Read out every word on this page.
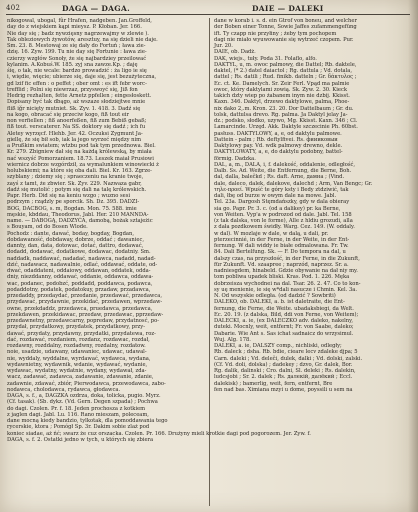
402	DAGA — DAGA.	DAIE — DALEKI
nikogowal, ubogal, fûr Hrafen, nadgeben. Jan.Groffeld,
day do z wiejskiem kąpi mieysz. P. Kłoban. Jer. 166.
Nie day się ; badz nywzięsny nagrzewajmy w zlewie ).
Tak obleziowych żywotów, aresztuy, na się dzieli nie daje.
Sm. 23. 8. Mestowaj ze się dały do Fortuń ; ława zie-
dzię. 16. Zyw. 199. Tu nie day się Fortunie : ława zie-
czierzy wzgłów Sonoły, że się najbardziey przeilować
kylanim. A.Kobuś.W. 185. zyj sna zawze.Kp. ; daję
śię, o tak, nie wcale: bardzo prowadzić : ża ligo ie się
i, więdie, więcie; ubierze się, daje się, jest bezużyteczna,
gd lzif fic effen : o peffet ; ober omt : es ift febr worc-
trefflid ; Polni się niewrzaz, przyswoyć się, Jiß fon
Hedrig rezhalten, fette Arnetz ppfellen ; eingesłoskett.
Dopisany być tak dbągo, aż wszaze słodziejtwe mnie
fliß iğr nicięty mutniet. Sk. Zyv. 1. 418. 3. Dadź się
na kogo, obracać się przeciw kogo, fiß tout eir
non verfiellen ; fiß anoerfeßen, fiß zum Bebiß gebaß;
fiß tout. verscaterer. Na SS. doktory się dadź ; ich fu
Aletey wyrzęcf. Hlehb. Jer. 42. Oczuksi Zygmunt Ja-
giellę, że się bił sob, iak la jego wyrzeć między nim
a Prußkim swiatem; wtzbu pod tak tym przednowa. Biel.
Kr. 279. Zbigniew dał się na każdą królewską, by miała
nać wszyść Pomorzaniem. 18.73. Leszek maiał Prusiowi
wiernicz dobrze wzgórdził, za wymalunkiem winowiecki ż
holubskiemi; na które się oba dali. Biel. Kr. 163. Zgrze-
szyblany ; dziemy się ; spraeczeniu na kranie twoje,
zayś z tamt, że zbwier. Sk. Zyv. 229. Nazwaza gabr,
dadź się mutolić ; potym się dali na talę królewskich.
Papr. Herb. Did się na keniu wzgo ; wuzno sesi
podrzym ; rządzly pe sporcik. Sh. Dz. 395. DADZI-
BOG, DACBOG, s. m, Bogdan. Mon. 75. 588. imie
męskie, kbddau, Theodorus. Jabl. Her. 210 MANNDA-
name. — DABOGĄ, DADZYĆA, damobą, bożak sztajeżic
s Bouyam, od do Bosen Wlode.
Pochodz : dante, dawać, boday, bogday, Bogdan,
dobdawaność, dobdaway, dobrze, oddać ; dawaniec,
dannty, dan, data, dotowac, dotać, dattro, dodawać,
dodadd, dodawać, dodatkowe, dodawac, dodatniy. Sm.
naddadk, naddawać, nadadać, nadawca, nadadd, nadad-
dzić, nadawacz, nadawalnie, odlać, oddawać, oddate, od-
dwać, odaddateni, oddaiowy, oddawan, oddatek, odda-
dniy, niezddanny, oddawać, oddanie, oddawca, oddawa-
wac, podanec, podobzć, poddadd, poddawca, podawca,
podaddotny, podatek, podatokuy, przadaw, przadawca,
przedaddy, przedaydać, przedanie, przedawać, przedawca,
przydawać, przydawnie, przekidać, przedawen, wprzedaw-
owne, przekdaddz, przedawca, pruedawca, przedawca,
przekdawen, przekidawac, przedaw, przedawac, pprzedaw-
przedawnetny, przedawcarny, popredaw, przydatnosć, po-
przydał, przydatkowy, przydatek, przydatkowy, przy-
dawać, przydaty, przydawny, przydatki, przydatewa, roz-
dać, rozdawać, rozdaniem, rozdanz, rozdawac, rozdał,
rozdawny, rozddalny, rozdadwny, rozdalny, rozdatow.
noie, usadzie, udawany, udawaniec, udawac, udawal-
nie, wyddaly, wyddalne, wyrdawać, wydawca, wydana,
wydawnietny, wydawnik, wdanie, wydawać, wydanie,
wydawac, wydatny, wydatnie, wydany, wydawał, zda-
wacz, zadawać, zadawca, zadawanie, zdawanie, zdanie,
zadawnie, zdawać, zbiór, Pierwodawca, przewodawca, zabo-
nodawca, cholodawca, rydawca, głodawca.
DAGA, s. f., a, DAGZKA ozdrza, doka, tolicka, pugio. Myrz.
(Cf. tasak). (Sb. dykz. (Vd. Gern. Degen szpada) ; Pochwa
do dagi. Czolen. Pr. f. 18. Jeden prochosza z kotkiem
z jaglen dagi. Jabl. Lu. 116. Rano mieszam, poleceam,
dane mocną kiedy bandzio, tylkotak, dla pomoddawania tego
rycerskie, ktora ; Pomógł Sp. 3r. Dakim sobie zlaż pod
koniec siadae, aż ńć; swarz że cuz orszacka. Czolen. Pr. 166. Drużyny mieli krotkie dagi pod pogorozem. Jer. Zyw. f.
DAGA, s. f. 2. Ostatki jedno w tych, u których się zbiera
dane w korab i. s. d. ein Gtrof von boneu, and welcher
der Boben einer Tonne, Sowie Jaffes zufammengefüng
ift. Ty czapp nie przyłiny ; żeby tym pochopem
dagi nie miało wyuwowanie się wytrzeć czopem. Pur.
Jur. 20.
DAIE, ob. Dadż.
DAK, wiejs., tuły. Poda 31. Folaflo, alfo.
DAKTYL, u, m. owoc palmowy, die Dattel; Rb. daktele,
daktel, (* 2.) datel daiactol ; Rg. dattula ; Vd. dotala,
dattel ; Rs. datili ; Rud. finikb. datteln ; Gr. δάκτυλος ;
Ec. ct. Ke. Damelych. Sr. Zeir Ferl. Vpąd ma palmie
owoc, który daktylami zowią. Sk. Zyw. 2. 30. Kieck
takich dzty wiep po żabanem inym nie dzbij. Kkisst.
Kaxn. 346. Daktyl, drzewo daktylowe, palma, Phoe-
nix dako 2,.m. Kron. 23. 20. Dor Dattelbaum ; Gr. du.
tolsk, dattulsa drevo. Rg. palma. Ja Daktyl jelay Ja-
dz.; podsko, słodko, uzywo, Mg. Kkisst. Kaxn. 346 ; Cl.
Lamarcinde. Urzęd. Akk. Daktyle szczecinie Ph. 60bst.
pasłuss. DAKTYLOWY, a, e, od daktylu palmowe.
Dattein - palm ; Rb. deftylfivei. Rs. фиииковыи
Daktylowy pay. Vd. wdk palmowy drewno, dekle.
DAKTYLOWATY, a, e, do daktylu podobny, battel-
förmig. Dadzka.
DAL, a, m., DALA, i, f. dalekość, oddalenie, odległość,
Dalb. Ss. Ad. Weite, die Entfernung, die Berne, Boh.
dal, dalla, balečkd ; Rs. daft. Arne, дамна ; (Vind.
dale, daleco, dalek, dalekove, dalechd ; Arm, Van Bengc; Gr.
τηλε-προεί. Wpuść te góry ksty i Bedy ztdziwić, tak
dali, łbę od burze w owym dale na mowe. Jabl.
Tel. 23a. Dargosh Stęmdańszky, gdy w dala obieray
sia go. Papr. Pr. 3. c. (od a dalikey) pr. ka Berne,
von Weiten. Vyp'a w podrozod od dale. Jabl. Tel. 158
(z tak dalska, von le forme), Alle z hldiu grozudi, alla
z dała pozdkowem świdły. Warg. Cez. 149. (W. oddaly.
w dal). W mozlaje w dale, w dalą, u dali, pr.
pterzecinnié, in der Ferne, in der Weite, in der Ent-
fernung. W dali widdy ie białe odmalowana. Fr. Tw.
84. Dali Bertelfung. Sk. — F. Do tempora na dal, u
dalszy czas, na przyszłość, in der Ferne, in die Zukunft,
für Zukunft. Vd. szaapree ; naprzód, naprzez. Sr. a.
nadniesgdem, hinabeld. Gdzie obywanie na dał niy my.
tom pobliwa upadek bliski. Kras. Pod. 1. 226. Męka
dobrzeisza wychodnei na dal. Tsar. 26. 2. 47. Co to kon-
sy uę menienie, ie się w*dali nasucze i Chmin. Kel. 3a.
N. Od wszyskie odległa. (od dadzić ? Sowbriti)
DALEKO, ob. DALEKI, a. b. ist daletraite, die Ent-
fernung, die Ferne, die Weite. ubadaksbiegi, da Welt.
Ec. 20. 19. (z dalska, Bild, ddi von Ferne, von Weitem);
DALECKI, a. ie, (ex DALECZKO adv. daleko, nakelny,
duteki. Mocnly, weit, entfernt; Fr. von Saabe, daleko;
Dabarie. Wie Ant s. Sas ichat sadnaicz do wrzysimul.
Wuj. Alg. 178.
DALEKI, a. ie, DALSZY comp., nichliski, odległy;
Rb. daleck ; dsha. Rb. bdie, cieare lecv zdaleke djpa; 5
Carn. daleki ; Vd. deleči, dulek, dalki ; Vd. dolski, zalski.
(Cf. Vd. doli, dolska) ; dadekey ; dzvo, Gr. dalek, Bor.
Rg. dalik, dalinski ; Cro. dalni, Sl. deleki ; Rs. dalekin,
ludcsjobi ; Sr. 2. dalek ; Rs. далекій, далёкий ; Eccl.
dalekisk) ; bamerlig, weit, fern, entfernt, Bre
fen nad bas. Ximiana mzyi u dome, poyssili u sem na
